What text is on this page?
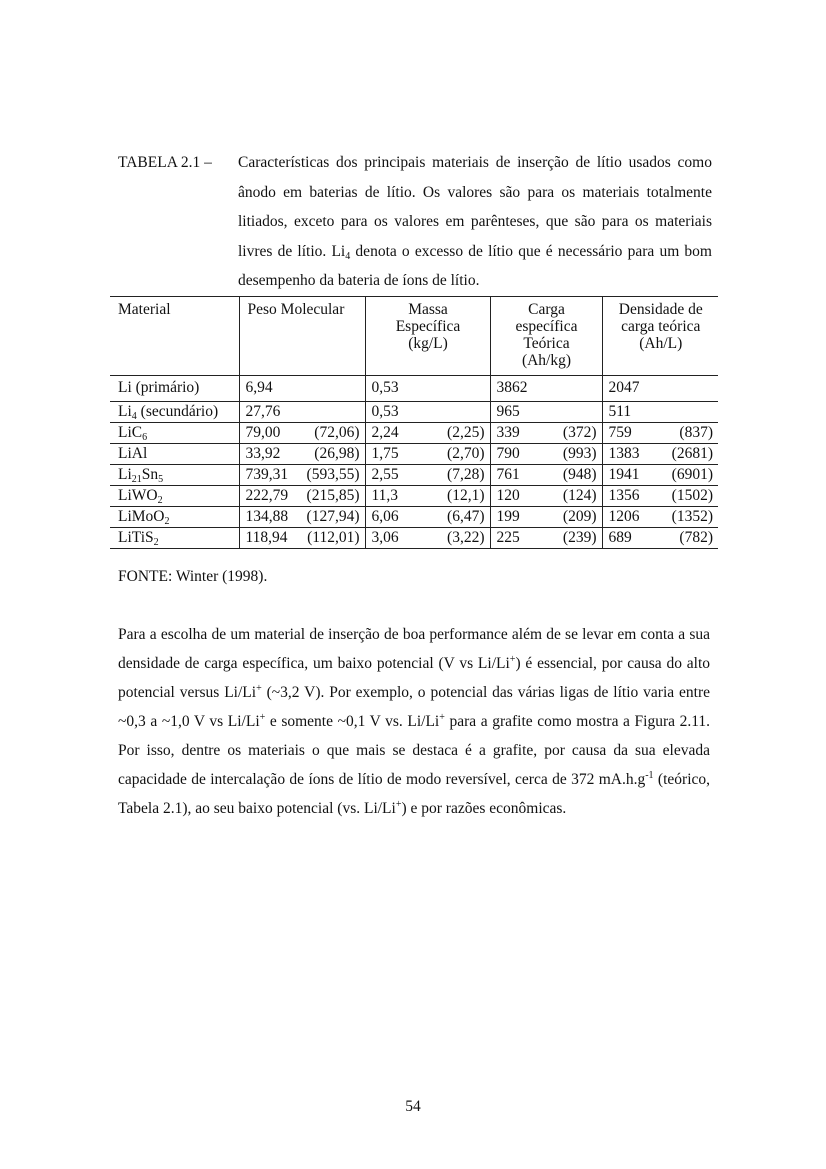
TABELA 2.1 – Características dos principais materiais de inserção de lítio usados como ânodo em baterias de lítio. Os valores são para os materiais totalmente litiados, exceto para os valores em parênteses, que são para os materiais livres de lítio. $Li_4$ denota o excesso de lítio que é necessário para um bom desempenho da bateria de íons de lítio.
Material	Peso Molecular	Massa Específica (kg/L)	Carga específica Teórica (Ah/kg)	Densidade de carga teórica (Ah/L)

Li (primário)	6,94	0,53	3862	2047

$Li_4$ (secundário)	27,76	0,53	965	511

LiC$_6$	79,00 (72,06)	2,24 (2,25)	339 (372)	759 (837)

LiAl	33,92 (26,98)	1,75 (2,70)	790 (993)	1383 (2681)

$Li_{21}Sn_5$	739,31 (593,55)	2,55 (7,28)	761 (948)	1941 (6901)

LiWO$_2$	222,79 (215,85)	11,3 (12,1)	120 (124)	1356 (1502)

LiMoO$_2$	134,88 (127,94)	6,06 (6,47)	199 (209)	1206 (1352)

LiTiS$_2$	118,94 (112,01)	3,06 (3,22)	225 (239)	689 (782)
FONTE: Winter (1998).

Para a escolha de um material de inserção de boa performance além de se levar em conta a sua densidade de carga específica, um baixo potencial (V vs Li/Li+) é essencial, por causa do alto potencial versus Li/Li+ (~3,2 V). Por exemplo, o potencial das várias ligas de lítio varia entre ~0,3 a ~1,0 V vs Li/Li+ e somente ~0,1 V vs. Li/Li+ para a grafite como mostra a Figura 2.11. Por isso, dentre os materiais o que mais se destaca é a grafite, por causa da sua elevada capacidade de intercalação de íons de lítio de modo reversível, cerca de 372 $mA.h.g^{-1}$ (teórico, Tabela 2.1), ao seu baixo potencial (vs. Li/Li+) e por razões econômicas.

54
